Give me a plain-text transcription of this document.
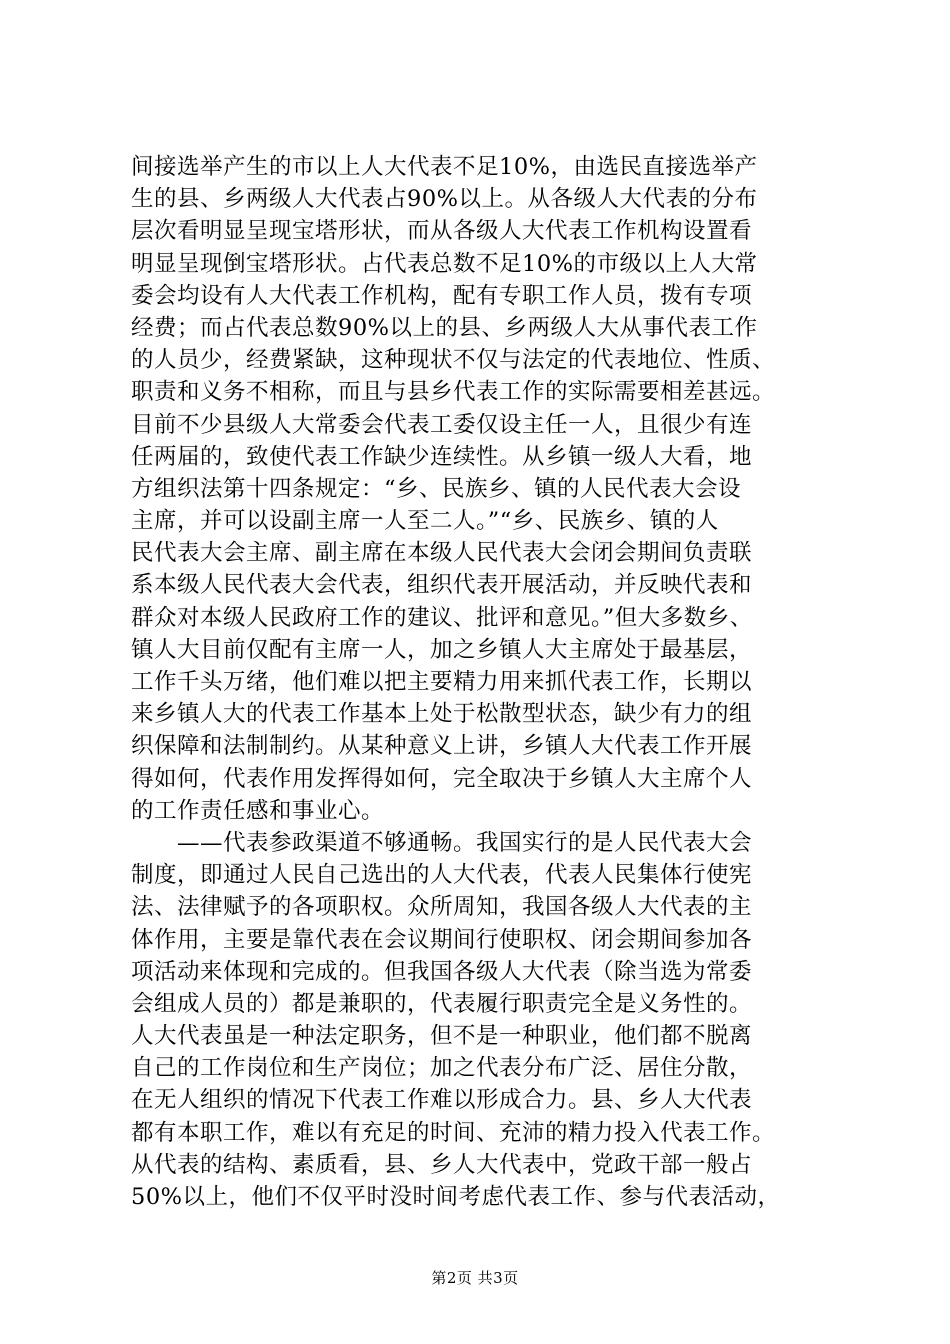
间接选举产生的市以上人大代表不足10%，由选民直接选举产
生的县、乡两级人大代表占90%以上。从各级人大代表的分布
层次看明显呈现宝塔形状，而从各级人大代表工作机构设置看
明显呈现倒宝塔形状。占代表总数不足10%的市级以上人大常
委会均设有人大代表工作机构，配有专职工作人员，拨有专项
经费；而占代表总数90%以上的县、乡两级人大从事代表工作
的人员少，经费紧缺，这种现状不仅与法定的代表地位、性质、
职责和义务不相称，而且与县乡代表工作的实际需要相差甚远。
目前不少县级人大常委会代表工委仅设主任一人，且很少有连
任两届的，致使代表工作缺少连续性。从乡镇一级人大看，地
方组织法第十四条规定：“乡、民族乡、镇的人民代表大会设
主席，并可以设副主席一人至二人。”“乡、民族乡、镇的人
民代表大会主席、副主席在本级人民代表大会闭会期间负责联
系本级人民代表大会代表，组织代表开展活动，并反映代表和
群众对本级人民政府工作的建议、批评和意见。”但大多数乡、
镇人大目前仅配有主席一人，加之乡镇人大主席处于最基层，
工作千头万绪，他们难以把主要精力用来抓代表工作，长期以
来乡镇人大的代表工作基本上处于松散型状态，缺少有力的组
织保障和法制制约。从某种意义上讲，乡镇人大代表工作开展
得如何，代表作用发挥得如何，完全取决于乡镇人大主席个人
的工作责任感和事业心。
　　——代表参政渠道不够通畅。我国实行的是人民代表大会
制度，即通过人民自己选出的人大代表，代表人民集体行使宪
法、法律赋予的各项职权。众所周知，我国各级人大代表的主
体作用，主要是靠代表在会议期间行使职权、闭会期间参加各
项活动来体现和完成的。但我国各级人大代表（除当选为常委
会组成人员的）都是兼职的，代表履行职责完全是义务性的。
人大代表虽是一种法定职务，但不是一种职业，他们都不脱离
自己的工作岗位和生产岗位；加之代表分布广泛、居住分散，
在无人组织的情况下代表工作难以形成合力。县、乡人大代表
都有本职工作，难以有充足的时间、充沛的精力投入代表工作。
从代表的结构、素质看，县、乡人大代表中，党政干部一般占
50%以上，他们不仅平时没时间考虑代表工作、参与代表活动，
第2页 共3页
